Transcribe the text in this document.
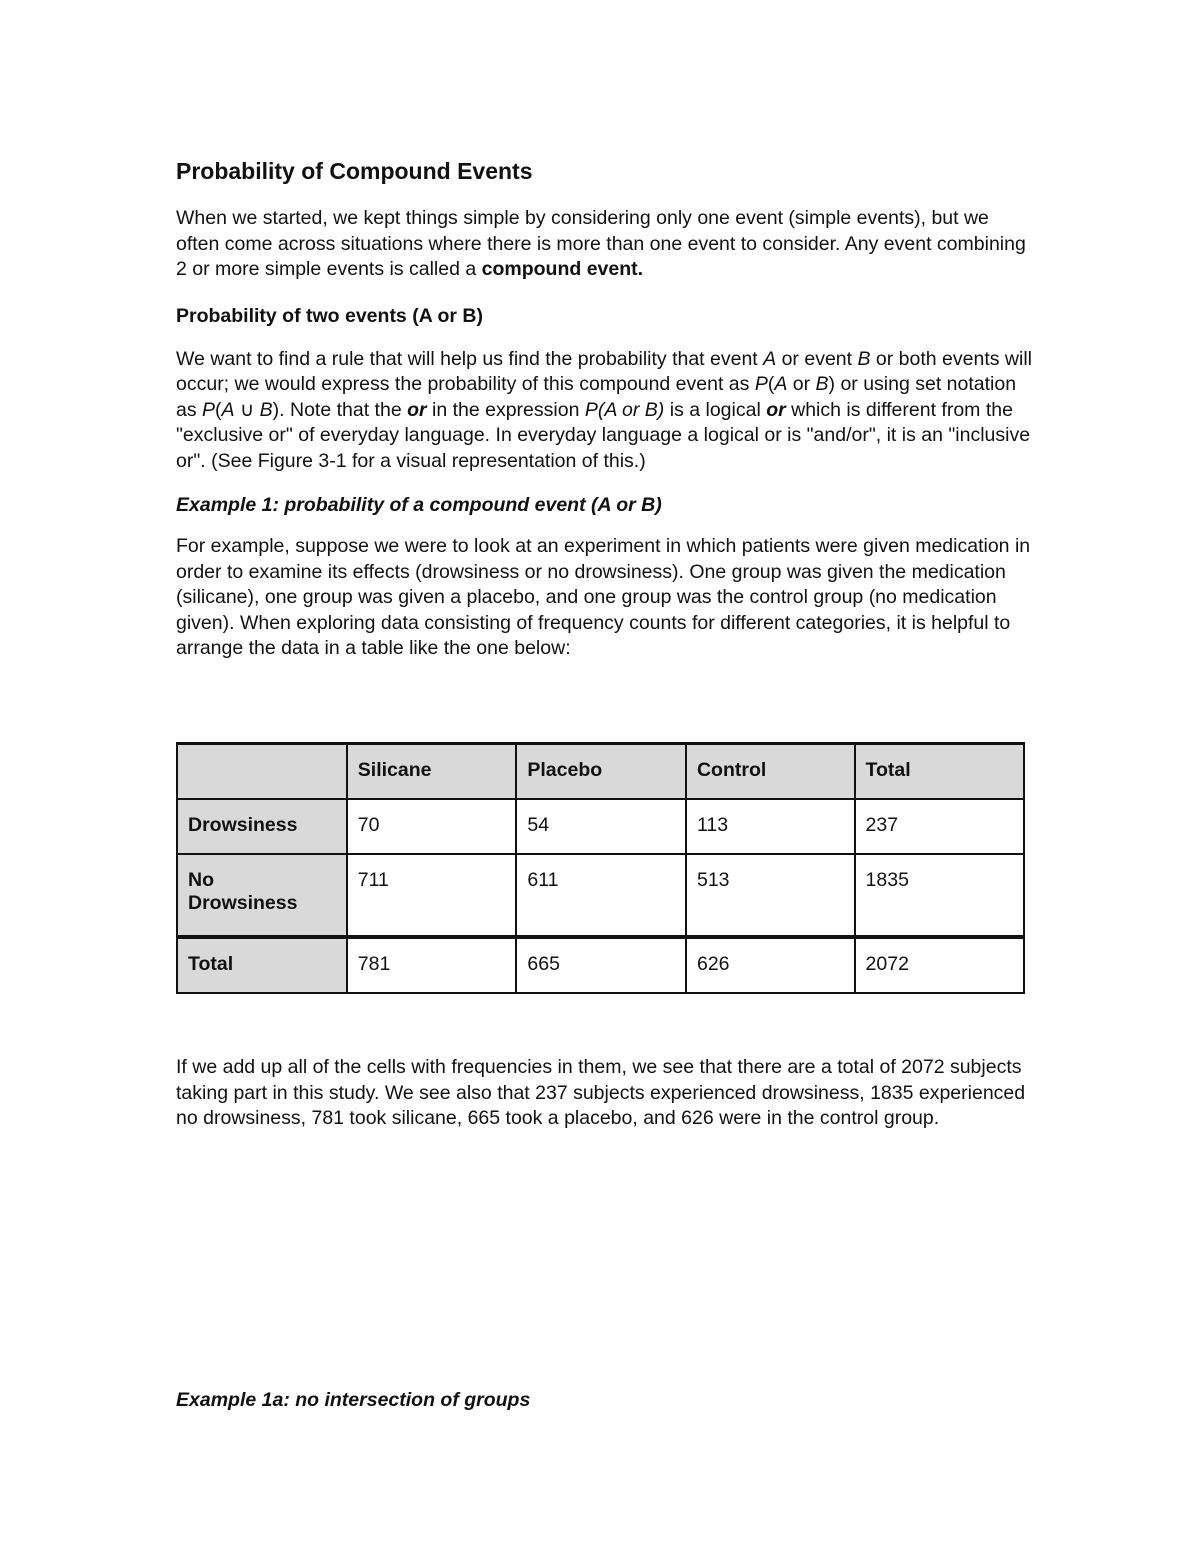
Probability of Compound Events

When we started, we kept things simple by considering only one event (simple events), but we often come across situations where there is more than one event to consider. Any event combining 2 or more simple events is called a compound event.

Probability of two events (A or B)

We want to find a rule that will help us find the probability that event A or event B or both events will occur; we would express the probability of this compound event as P(A or B) or using set notation as P(A ∪ B). Note that the or in the expression P(A or B) is a logical or which is different from the "exclusive or" of everyday language. In everyday language a logical or is "and/or", it is an "inclusive or". (See Figure 3-1 for a visual representation of this.)

Example 1: probability of a compound event (A or B)

For example, suppose we were to look at an experiment in which patients were given medication in order to examine its effects (drowsiness or no drowsiness). One group was given the medication (silicane), one group was given a placebo, and one group was the control group (no medication given). When exploring data consisting of frequency counts for different categories, it is helpful to arrange the data in a table like the one below:

	Silicane	Placebo	Control	Total
Drowsiness	70	54	113	237
No
Drowsiness	711	611	513	1835
Total	781	665	626	2072

If we add up all of the cells with frequencies in them, we see that there are a total of 2072 subjects taking part in this study. We see also that 237 subjects experienced drowsiness, 1835 experienced no drowsiness, 781 took silicane, 665 took a placebo, and 626 were in the control group.

Example 1a: no intersection of groups
